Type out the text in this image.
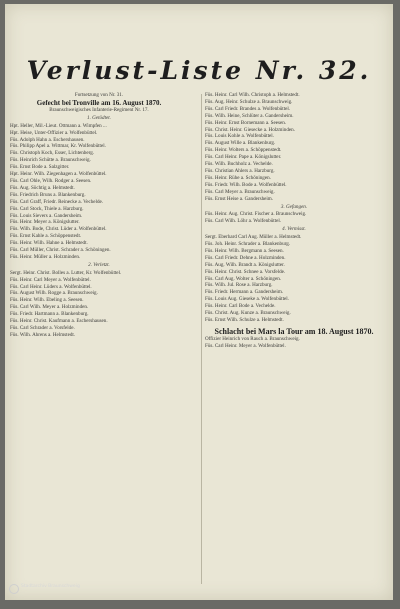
Verlust-Liste Nr. 32.
Fortsetzung von Nr. 31.
Gefecht bei Tronville am 16. August 1870.
Braunschweigisches Infanterie-Regiment Nr. 17.
1. Getödtet.
Hpt. Heller, Mil.-Lieut. Ottmann a. Wimpfen ...
Hpt. Heise, Unter-Offizier a. Wolfenbüttel.
Füs. Adolph Hahn a. Eschershausen.
Füs. Philipp Apel a. Wittmar, Kr. Wolfenbüttel.
Füs. Christoph Koch, Esser, Lichtenberg.
Füs. Heinrich Schütte a. Braunschweig.
Füs. Ernst Bode a. Salzgitter.
Hpt. Heinr. Wilh. Ziegenhagen a. Wolfenbüttel.
Füs. Carl Ohle, Wilh. Rodger a. Seesen.
Füs. Aug. Söchtig a. Helmstedt.
Füs. Friedrich Bruns a. Blankenburg.
Füs. Carl Graff, Friedr. Reinecke a. Vechelde.
Füs. Carl Stock, Thiele a. Harzburg.
Füs. Louis Sievers a. Gandersheim.
Füs. Heinr. Meyer a. Königslutter.
Füs. Wilh. Bode, Christ. Lüder a. Wolfenbüttel.
Füs. Ernst Kahle a. Schöppenstedt.
Füs. Heinr. Wilh. Hahne a. Helmstedt.
Füs. Carl Müller, Christ. Schrader a. Schöningen.
Füs. Heinr. Müller a. Holzminden.
2. Verletzt.
Sergt. Heinr. Christ. Bolles a. Lutter, Kr. Wolfenbüttel.
Füs. Heinr. Carl Meyer a. Wolfenbüttel.
Füs. Carl Heinr. Lüders a. Wolfenbüttel.
Füs. August Wilh. Rogge a. Braunschweig.
Füs. Heinr. Wilh. Ebeling a. Seesen.
Füs. Carl Wilh. Meyer a. Holzminden.
Füs. Friedr. Hartmann a. Blankenburg.
Füs. Heinr. Christ. Kaufmann a. Eschershausen.
Füs. Carl Schrader a. Vorsfelde.
Füs. Wilh. Ahrens a. Helmstedt.
Füs. Heinr. Carl Wilh. Christoph a. Helmstedt.
Füs. Aug. Heinr. Schulze a. Braunschweig.
Füs. Carl Friedr. Brandes a. Wolfenbüttel.
Füs. Wilh. Heine, Schlüter a. Gandersheim.
Füs. Heinr. Ernst Bornemann a. Seesen.
Füs. Christ. Heinr. Giesecke a. Holzminden.
Füs. Louis Kohle a. Wolfenbüttel.
Füs. August Wille a. Blankenburg.
Füs. Heinr. Wolters a. Schöppenstedt.
Füs. Carl Heinr. Pape a. Königslutter.
Füs. Wilh. Buchholz a. Vechelde.
Füs. Christian Ahlers a. Harzburg.
Füs. Heinr. Rühe a. Schöningen.
Füs. Friedr. Wilh. Bode a. Wolfenbüttel.
Füs. Carl Meyer a. Braunschweig.
Füs. Ernst Heise a. Gandersheim.
3. Gefangen.
Füs. Heinr. Aug. Christ. Fischer a. Braunschweig.
Füs. Carl Wilh. Löhr a. Wolfenbüttel.
4. Vermisst.
Sergt. Eberhard Carl Aug. Müller a. Helmstedt.
Füs. Joh. Heinr. Schrader a. Blankenburg.
Füs. Heinr. Wilh. Bergmann a. Seesen.
Füs. Carl Friedr. Dehne a. Holzminden.
Füs. Aug. Wilh. Brandt a. Königslutter.
Füs. Heinr. Christ. Schnee a. Vorsfelde.
Füs. Carl Aug. Wolter a. Schöningen.
Füs. Wilh. Jul. Rose a. Harzburg.
Füs. Friedr. Hermann a. Gandersheim.
Füs. Louis Aug. Gieseke a. Wolfenbüttel.
Füs. Heinr. Carl Bode a. Vechelde.
Füs. Christ. Aug. Kunze a. Braunschweig.
Füs. Ernst Wilh. Schulze a. Helmstedt.
Schlacht bei Mars la Tour am 18. August 1870.
Offizier Heinrich von Rauch a. Braunschweig.
Füs. Carl Heinr. Meyer a. Wolfenbüttel.
Stadtarchiv Braunschweig
